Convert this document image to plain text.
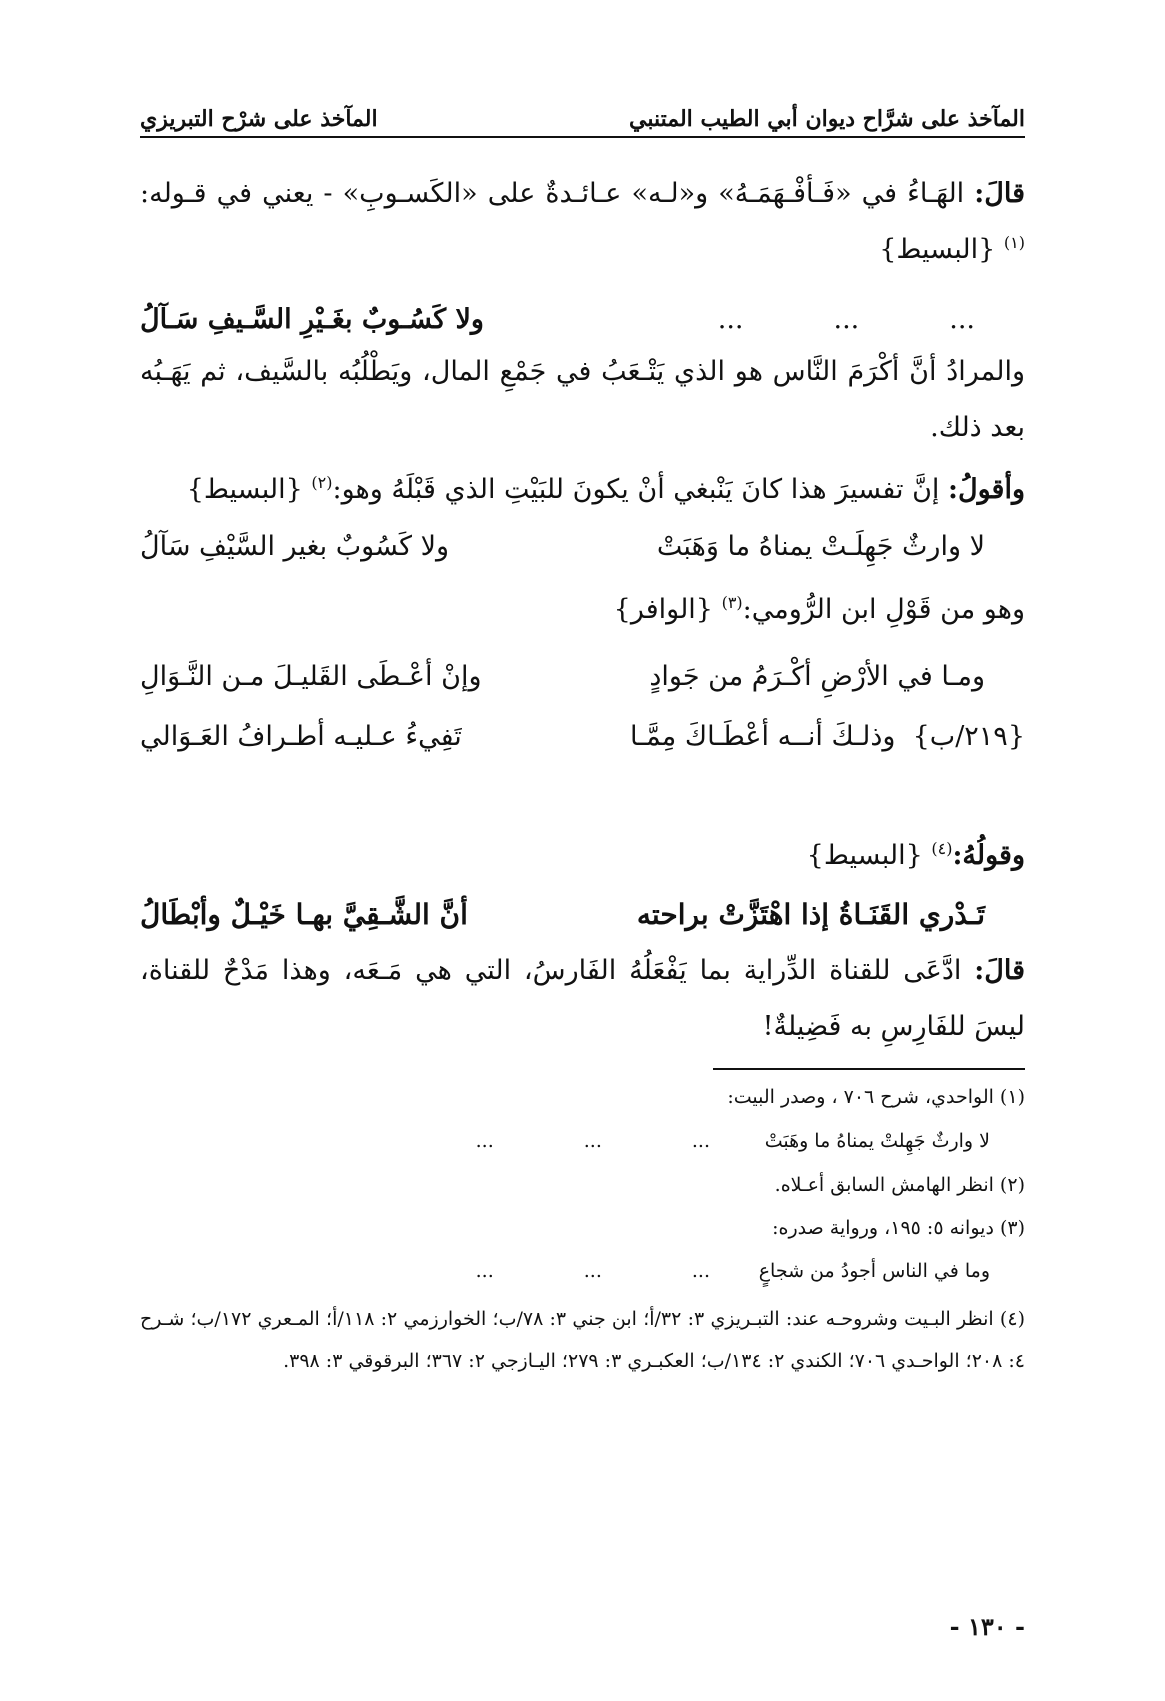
المآخذ على شرَّاح ديوان أبي الطيب المتنبي
المآخذ على شرْح التبريزي
قالَ: الهَـاءُ في «فَـأفْـهَمَـهُ» و«لـه» عـائـدةٌ على «الكَسـوبِ» - يعني في قـوله:$^{(١)}$ {البسيط}
...
...
...
ولا كَسُـوبٌ بغَـيْرِ السَّـيفِ سَـآلُ
والمرادُ أنَّ أكْرَمَ النَّاس هو الذي يَتْـعَبُ في جَمْعِ المال، ويَطْلُبُه بالسَّيف، ثم يَهَـبُه بعد ذلك.
وأقولُ: إنَّ تفسيرَ هذا كانَ يَنْبغي أنْ يكونَ للبَيْتِ الذي قَبْلَهُ وهو:$^{(٢)}$ {البسيط}
لا وارثٌ جَهِلَـتْ يمناهُ ما وَهَبَتْ
ولا كَسُوبٌ بغير السَّيْفِ سَآلُ
وهو من قَوْلِ ابن الرُّومي:$^{(٣)}$ {الوافر}
ومـا في الأرْضِ أكْـرَمُ من جَوادٍ
وإنْ أعْـطَى القَليـلَ مـن النَّـوَالِ
{٢١٩/ب}  وذلـكَ أنــه أعْطَـاكَ مِمَّـا
تَفِيءُ عـليـه أطـرافُ العَـوَالي
وقولُهُ:$^{(٤)}$ {البسيط}
تَـدْري القَنَـاةُ إذا اهْتَزَّتْ براحته
أنَّ الشَّـقِيَّ بهـا خَيْـلٌ وأبْطَالُ
قالَ: ادَّعَى للقناة الدِّراية بما يَفْعَلُهُ الفَارسُ، التي هي مَـعَه، وهذا مَدْحٌ للقناة، ليسَ للفَارِسِ به فَضِيلةٌ!
(١) الواحدي، شرح ٧٠٦ ، وصدر البيت:
لا وارثٌ جَهِلتْ يمناهُ ما وهَبَتْ
...
...
...
(٢) انظر الهامش السابق أعـلاه.
(٣) ديوانه ٥: ١٩٥، ورواية صدره:
وما في الناس أجودُ من شجاعٍ
...
...
...
(٤) انظر البـيت وشروحـه عند: التبـريزي ٣: ٣٢/أ؛ ابن جني ٣: ٧٨/ب؛ الخوارزمي ٢: ١١٨/أ؛ المـعري ١٧٢/ب؛ شـرح ٤: ٢٠٨؛ الواحـدي ٧٠٦؛ الكندي ٢: ١٣٤/ب؛ العكبـري ٣: ٢٧٩؛ اليـازجي ٢: ٣٦٧؛ البرقوقي ٣: ٣٩٨.
- ١٣٠ -
